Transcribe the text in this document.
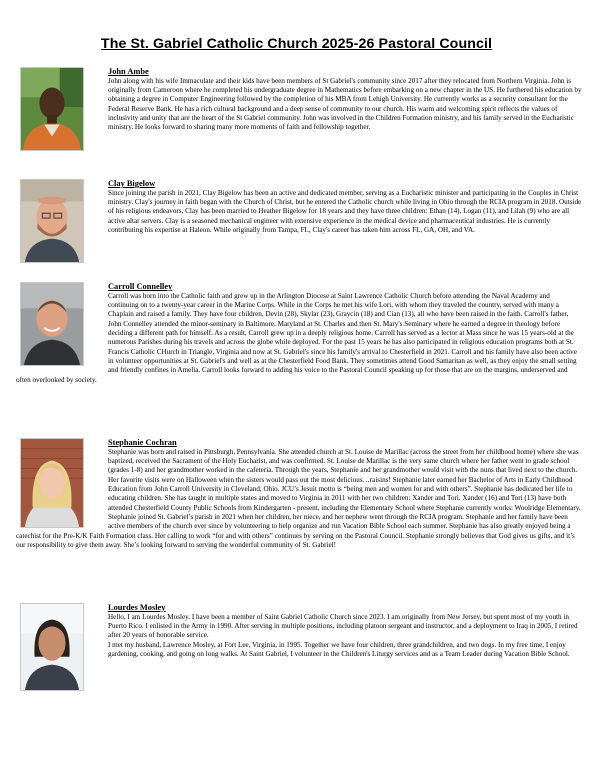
The St. Gabriel Catholic Church 2025-26 Pastoral Council
John Ambe
John along with his wife Immaculate and their kids have been members of St Gabriel's community since 2017 after they relocated from Northern Virginia. John is originally from Cameroon where he completed his undergraduate degree in Mathematics before embarking on a new chapter in the US. He furthered his education by obtaining a degree in Computer Engineering followed by the completion of his MBA from Lehigh University. He currently works as a security consultant for the Federal Reserve Bank. He has a rich cultural background and a deep sense of community to our church. His warm and welcoming spirit reflects the values of inclusivity and unity that are the heart of the St Gabriel community. John was involved in the Children Formation ministry, and his family served in the Eucharistic ministry. He looks forward to sharing many more moments of faith and fellowship together.
Clay Bigelow
Since joining the parish in 2021, Clay Bigelow has been an active and dedicated member, serving as a Eucharistic minister and participating in the Couples in Christ ministry. Clay's journey in faith began with the Church of Christ, but he entered the Catholic church while living in Ohio through the RCIA program in 2018. Outside of his religious endeavors, Clay has been married to Heather Bigelow for 18 years and they have three children: Ethan (14), Logan (11), and Lilah (9) who are all active altar servers. Clay is a seasoned mechanical engineer with extensive experience in the medical device and pharmaceutical industries. He is currently contributing his expertise at Haleon. While originally from Tampa, FL, Clay's career has taken him across FL, GA, OH, and VA.
Carroll Connelley
Carroll was born into the Catholic faith and grew up in the Arlington Diocese at Saint Lawrence Catholic Church before attending the Naval Academy and continuing on to a twenty-year career in the Marine Corps. While in the Corps he met his wife Lori, with whom they traveled the country, served with many a Chaplain and raised a family. They have four children, Devin (28), Skylar (23), Graycin (18) and Cian (13), all who have been raised in the faith. Carroll's father, John Connelley attended the minor-seminary in Baltimore, Maryland at St. Charles and then St. Mary's Seminary where he earned a degree in theology before deciding a different path for himself. As a result, Carroll grew up in a deeply religious home. Carroll has served as a lector at Mass since he was 15 years-old at the numerous Parishes during his travels and across the globe while deployed. For the past 15 years he has also participated in religious education programs both at St. Francis Catholic CHurch in Triangle, Virginia and now at St. Gabriel's since his family's arrival to Chesterfield in 2021. Carroll and his family have also been active in volunteer opportunities at St. Gabriel's and well as at the Chesterfield Food Bank. They sometimes attend Good Samaritan as well, as they enjoy the small setting and friendly confines in Amelia. Carroll looks forward to adding his voice to the Pastoral Council speaking up for those that are on the margins, underserved and often overlooked by society.
Stephanie Cochran
Stephanie was born and raised in Pittsburgh, Pennsylvania. She attended church at St. Louise de Marillac (across the street from her childhood home) where she was baptized, received the Sacrament of the Holy Eucharist, and was confirmed. St. Louise de Marillac is the very same church where her father went to grade school (grades 1-8) and her grandmother worked in the cafeteria. Through the years, Stephanie and her grandmother would visit with the nuns that lived next to the church. Her favorite visits were on Halloween when the sisters would pass out the most delicious…raisins! Stephanie later earned her Bachelor of Arts in Early Childhood Education from John Carroll University in Cleveland, Ohio. JCU’s Jesuit motto is “being men and women for and with others”. Stephanie has dedicated her life to educating children. She has taught in multiple states and moved to Virginia in 2011 with her two children: Xander and Tori. Xander (16) and Tori (13) have both attended Chesterfield County Public Schools from Kindergarten - present, including the Elementary School where Stephanie currently works: Woolridge Elementary. Stephanie joined St. Gabriel’s parish in 2021 when her children, her niece, and her nephew went through the RCIA program. Stephanie and her family have been active members of the church ever since by volunteering to help organize and run Vacation Bible School each summer. Stephanie has also greatly enjoyed being a catechist for the Pre-K/K Faith Formation class. Her calling to work “for and with others” continues by serving on the Pastoral Council. Stephanie strongly believes that God gives us gifts, and it’s our responsibility to give them away. She’s looking forward to serving the wonderful community of St. Gabriel!
Lourdes Mosley
Hello, I am Lourdes Mosley. I have been a member of Saint Gabriel Catholic Church since 2023. I am originally from New Jersey, but spent most of my youth in Puerto Rico. I enlisted in the Army in 1990. After serving in multiple positions, including platoon sergeant and instructor, and a deployment to Iraq in 2005, I retired after 20 years of honorable service.
I met my husband, Lawrence Mosley, at Fort Lee, Virginia, in 1995. Together we have four children, three grandchildren, and two dogs. In my free time, I enjoy gardening, cooking, and going on long walks. At Saint Gabriel, I volunteer in the Children's Liturgy services and as a Team Leader during Vacation Bible School.
